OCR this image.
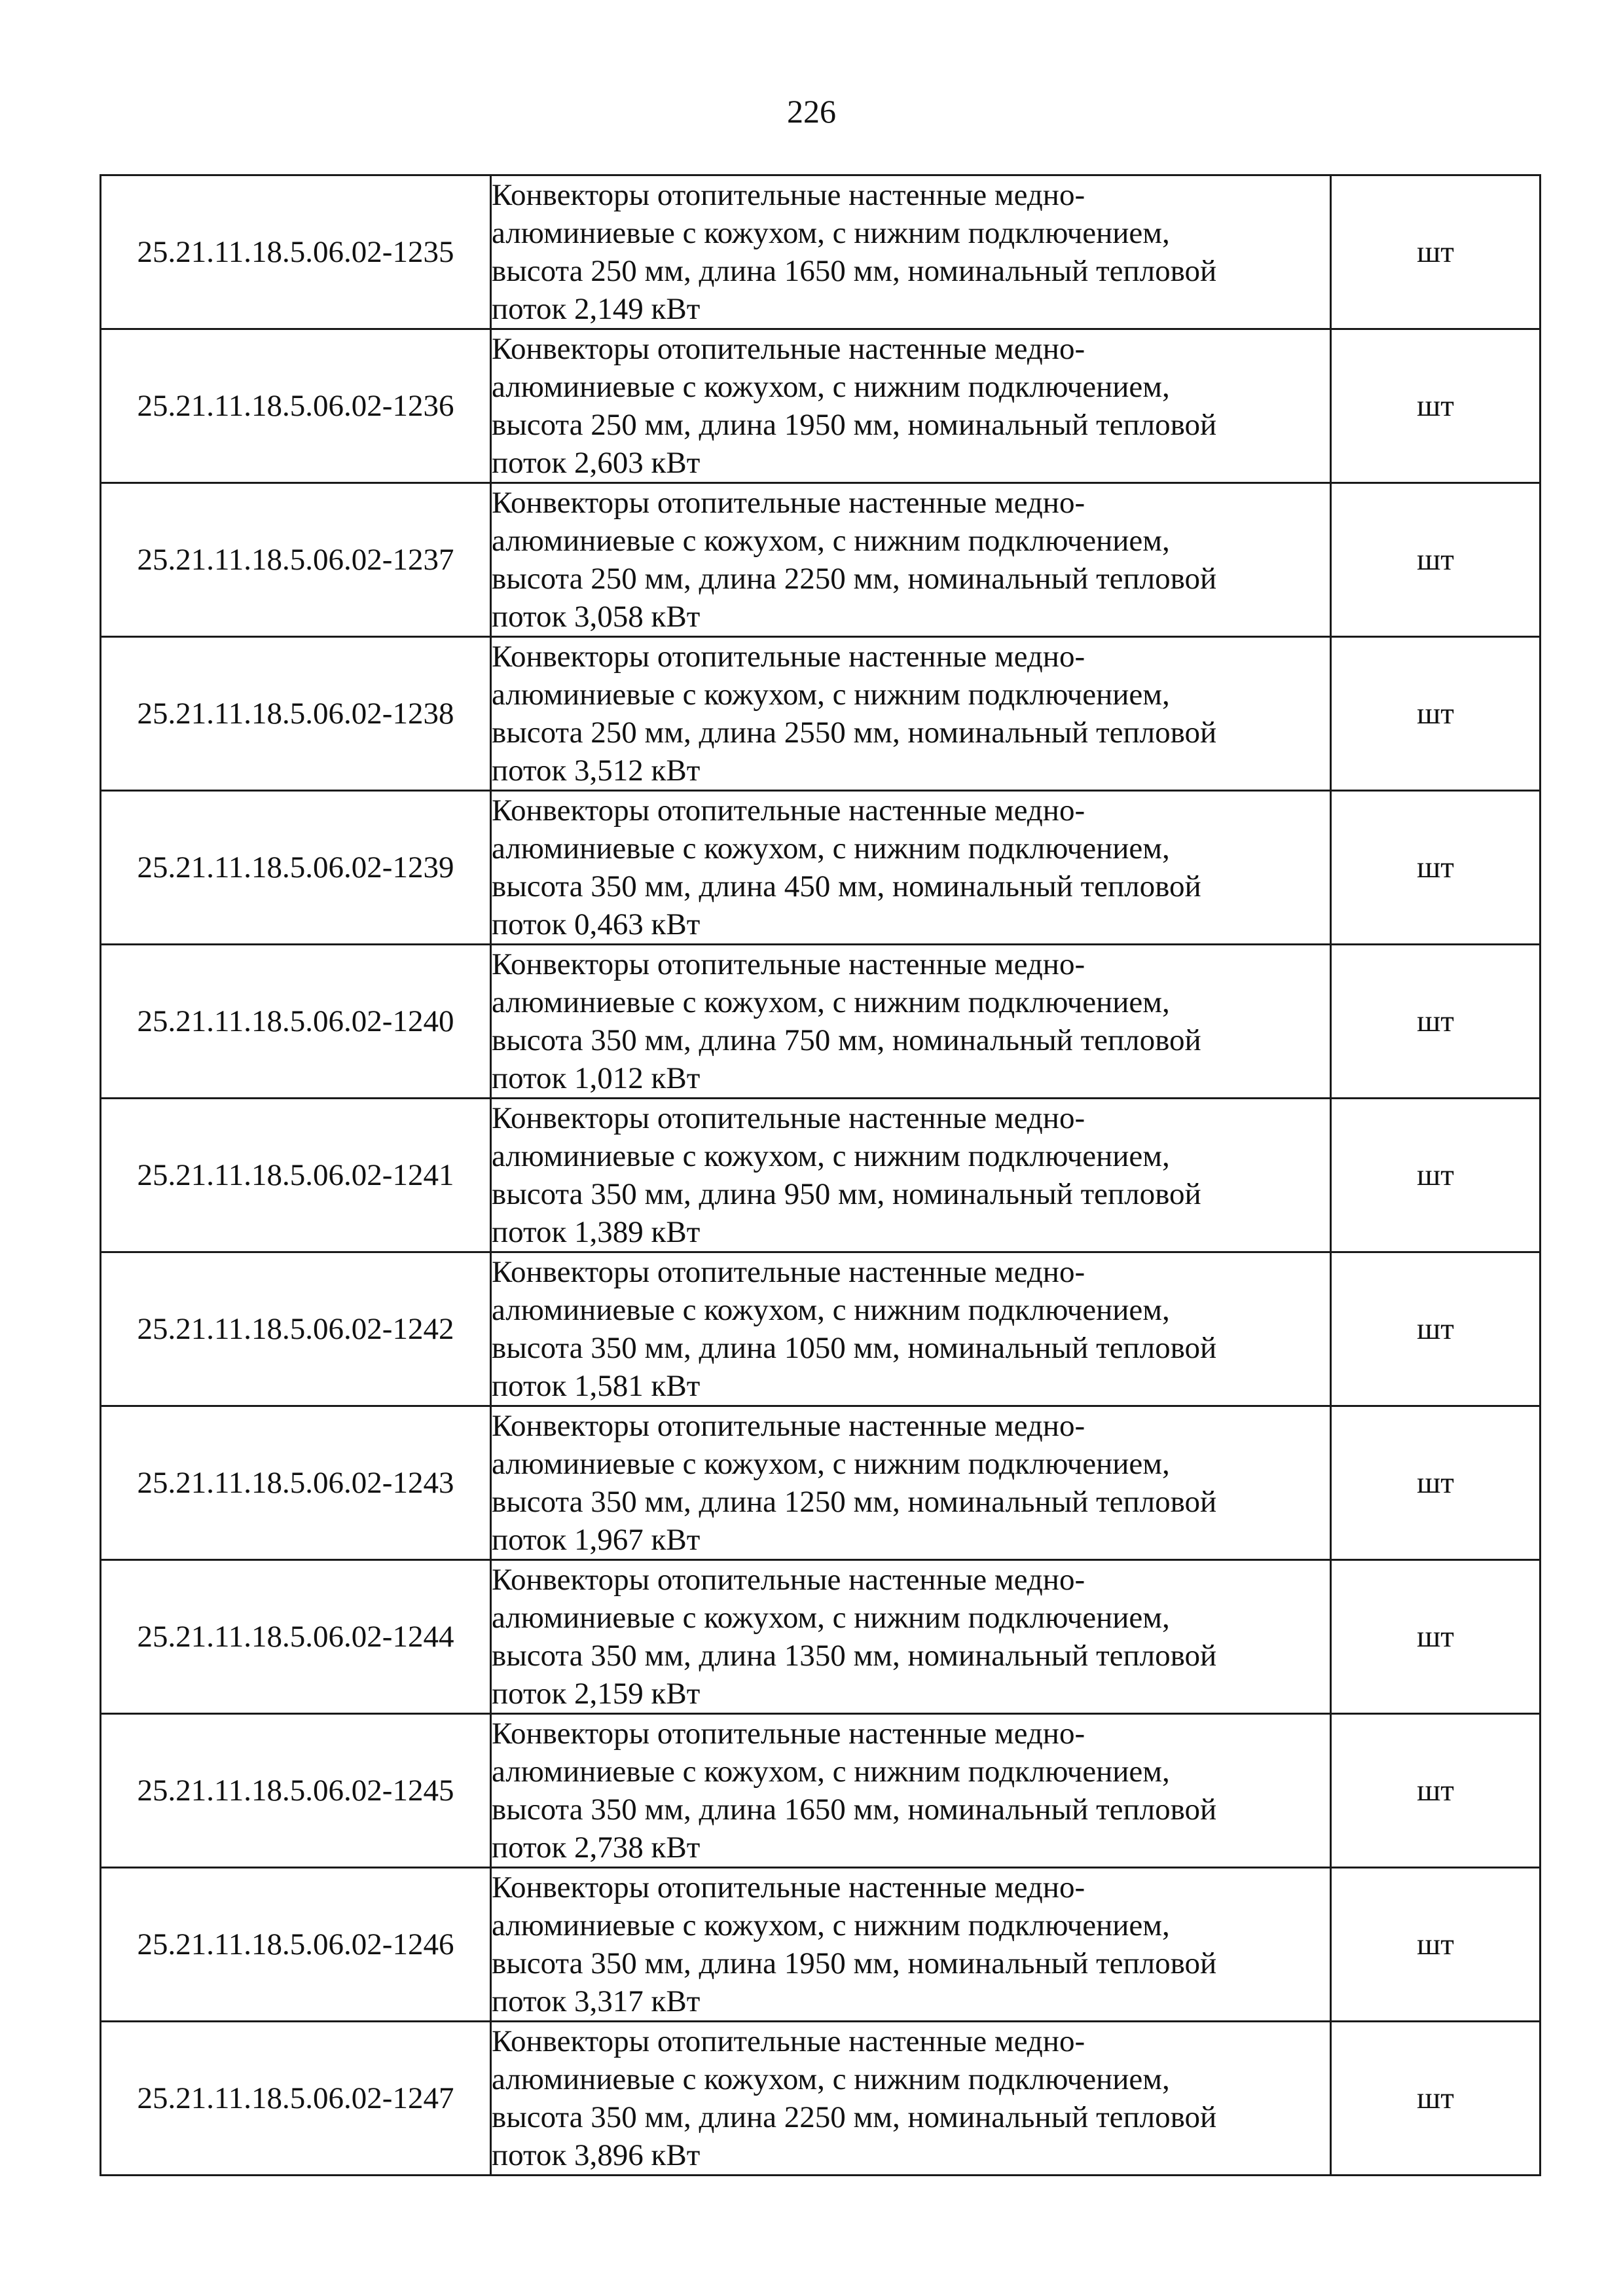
226
25.21.11.18.5.06.02-1235	Конвекторы отопительные настенные медно-
алюминиевые с кожухом, с нижним подключением,
высота 250 мм, длина 1650 мм, номинальный тепловой
поток 2,149 кВт	шт
25.21.11.18.5.06.02-1236	Конвекторы отопительные настенные медно-
алюминиевые с кожухом, с нижним подключением,
высота 250 мм, длина 1950 мм, номинальный тепловой
поток 2,603 кВт	шт
25.21.11.18.5.06.02-1237	Конвекторы отопительные настенные медно-
алюминиевые с кожухом, с нижним подключением,
высота 250 мм, длина 2250 мм, номинальный тепловой
поток 3,058 кВт	шт
25.21.11.18.5.06.02-1238	Конвекторы отопительные настенные медно-
алюминиевые с кожухом, с нижним подключением,
высота 250 мм, длина 2550 мм, номинальный тепловой
поток 3,512 кВт	шт
25.21.11.18.5.06.02-1239	Конвекторы отопительные настенные медно-
алюминиевые с кожухом, с нижним подключением,
высота 350 мм, длина 450 мм, номинальный тепловой
поток 0,463 кВт	шт
25.21.11.18.5.06.02-1240	Конвекторы отопительные настенные медно-
алюминиевые с кожухом, с нижним подключением,
высота 350 мм, длина 750 мм, номинальный тепловой
поток 1,012 кВт	шт
25.21.11.18.5.06.02-1241	Конвекторы отопительные настенные медно-
алюминиевые с кожухом, с нижним подключением,
высота 350 мм, длина 950 мм, номинальный тепловой
поток 1,389 кВт	шт
25.21.11.18.5.06.02-1242	Конвекторы отопительные настенные медно-
алюминиевые с кожухом, с нижним подключением,
высота 350 мм, длина 1050 мм, номинальный тепловой
поток 1,581 кВт	шт
25.21.11.18.5.06.02-1243	Конвекторы отопительные настенные медно-
алюминиевые с кожухом, с нижним подключением,
высота 350 мм, длина 1250 мм, номинальный тепловой
поток 1,967 кВт	шт
25.21.11.18.5.06.02-1244	Конвекторы отопительные настенные медно-
алюминиевые с кожухом, с нижним подключением,
высота 350 мм, длина 1350 мм, номинальный тепловой
поток 2,159 кВт	шт
25.21.11.18.5.06.02-1245	Конвекторы отопительные настенные медно-
алюминиевые с кожухом, с нижним подключением,
высота 350 мм, длина 1650 мм, номинальный тепловой
поток 2,738 кВт	шт
25.21.11.18.5.06.02-1246	Конвекторы отопительные настенные медно-
алюминиевые с кожухом, с нижним подключением,
высота 350 мм, длина 1950 мм, номинальный тепловой
поток 3,317 кВт	шт
25.21.11.18.5.06.02-1247	Конвекторы отопительные настенные медно-
алюминиевые с кожухом, с нижним подключением,
высота 350 мм, длина 2250 мм, номинальный тепловой
поток 3,896 кВт	шт
